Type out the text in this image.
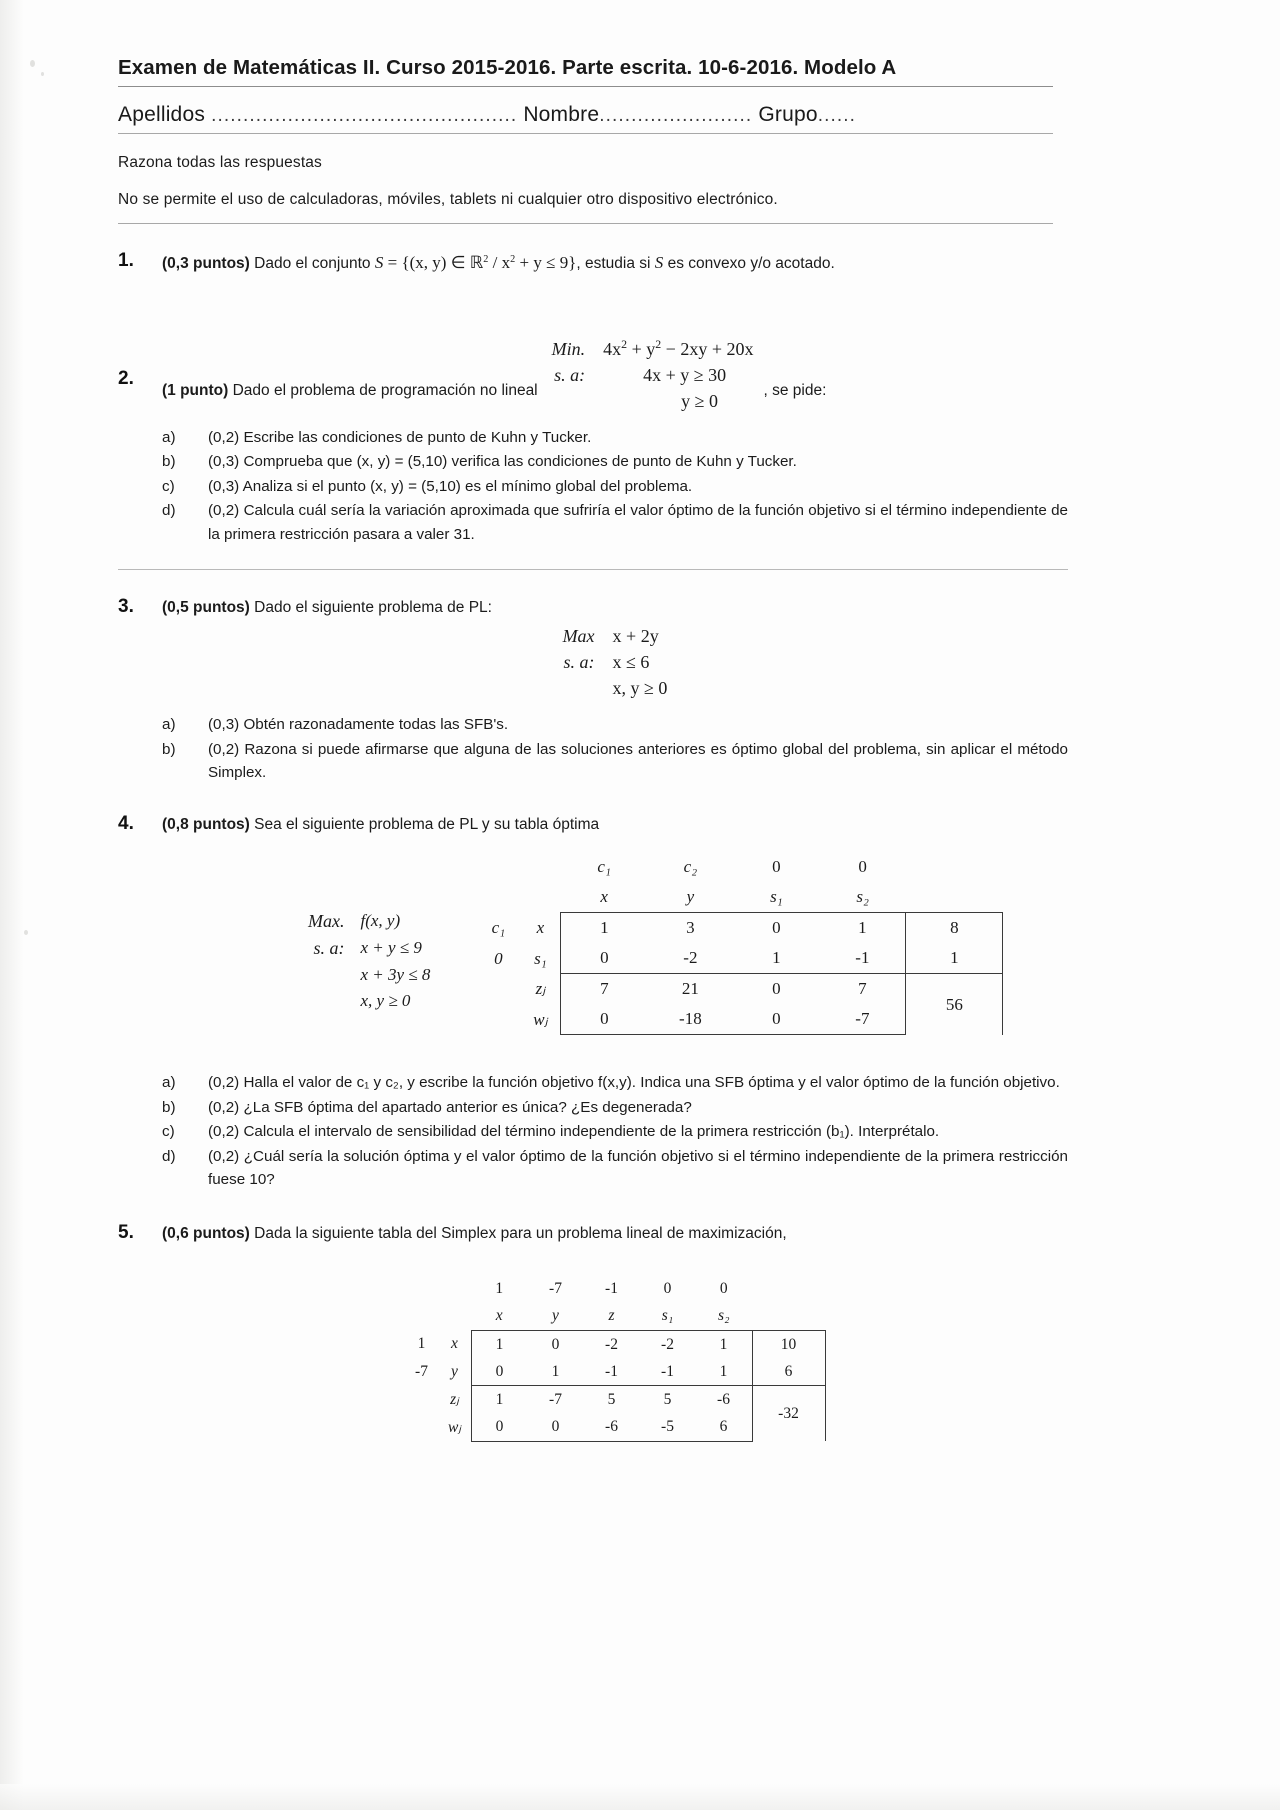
Examen de Matemáticas II. Curso 2015-2016. Parte escrita. 10-6-2016. Modelo A
Apellidos ................................................ Nombre........................ Grupo......
Razona todas las respuestas
No se permite el uso de calculadoras, móviles, tablets ni cualquier otro dispositivo electrónico.
1. (0,3 puntos) Dado el conjunto S = {(x, y) ∈ ℝ$^2$ / $x^2 + y \le 9$}, estudia si S es convexo y/o acotado.
2.
(1 punto) Dado el problema de programación no lineal
Min. $4x^2 + y^2 - 2xy + 20x$
s. a:	4x + y ≥ 30
y ≥ 0
, se pide:
a)	(0,2) Escribe las condiciones de punto de Kuhn y Tucker.
b)	(0,3) Comprueba que (x, y) = (5,10) verifica las condiciones de punto de Kuhn y Tucker.
c)	(0,3) Analiza si el punto (x, y) = (5,10) es el mínimo global del problema.
d)	(0,2) Calcula cuál sería la variación aproximada que sufriría el valor óptimo de la función objetivo si el término independiente de la primera restricción pasara a valer 31.
3. (0,5 puntos) Dado el siguiente problema de PL:
Max x + 2y
s. a: x ≤ 6
x, y ≥ 0
a)	(0,3) Obtén razonadamente todas las SFB's.
b)	(0,2) Razona si puede afirmarse que alguna de las soluciones anteriores es óptimo global del problema, sin aplicar el método Simplex.
4. (0,8 puntos) Sea el siguiente problema de PL y su tabla óptima
Max. f(x, y)
s. a: x + y ≤ 9
x + 3y ≤ 8
x, y ≥ 0
		c₁	c₂	0	0	
		x	y	s₁	s₂	
c₁	x	1	3	0	1	8
0	s₁	0	-2	1	-1	1
	zⱼ	7	21	0	7	56
	wⱼ	0	-18	0	-7	
a)	(0,2) Halla el valor de c₁ y c₂, y escribe la función objetivo f(x,y). Indica una SFB óptima y el valor óptimo de la función objetivo.
b)	(0,2) ¿La SFB óptima del apartado anterior es única? ¿Es degenerada?
c)	(0,2) Calcula el intervalo de sensibilidad del término independiente de la primera restricción (b₁). Interprétalo.
d)	(0,2) ¿Cuál sería la solución óptima y el valor óptimo de la función objetivo si el término independiente de la primera restricción fuese 10?
5. (0,6 puntos) Dada la siguiente tabla del Simplex para un problema lineal de maximización,
		1	-7	-1	0	0	
		x	y	z	s₁	s₂	
1	x	1	0	-2	-2	1	10
-7	y	0	1	-1	-1	1	6
	zⱼ	1	-7	5	5	-6	-32
	wⱼ	0	0	-6	-5	6	
